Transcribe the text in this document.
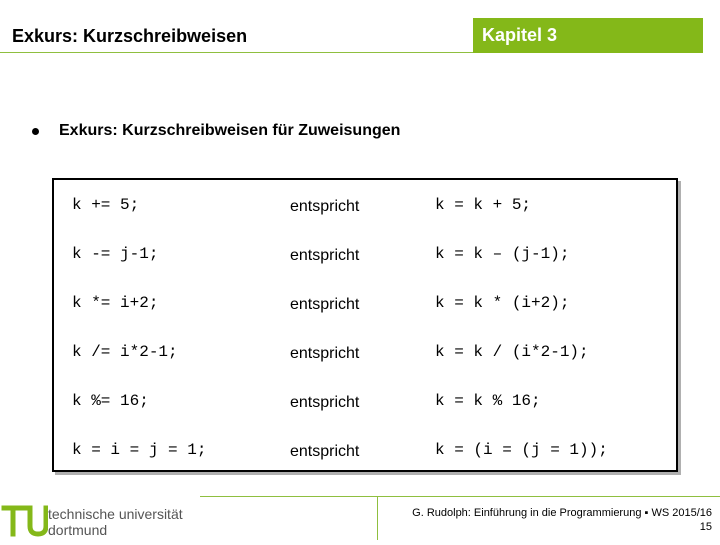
Exkurs: Kurzschreibweisen	Kapitel 3
Exkurs: Kurzschreibweisen für Zuweisungen
k += 5;	entspricht	k = k + 5;
k -= j-1;	entspricht	k = k – (j-1);
k *= i+2;	entspricht	k = k * (i+2);
k /= i*2-1;	entspricht	k = k / (i*2-1);
k %= 16;	entspricht	k = k % 16;
k = i = j = 1;	entspricht	k = (i = (j = 1));
technische universität
dortmund
G. Rudolph: Einführung in die Programmierung ▪ WS 2015/16
15
